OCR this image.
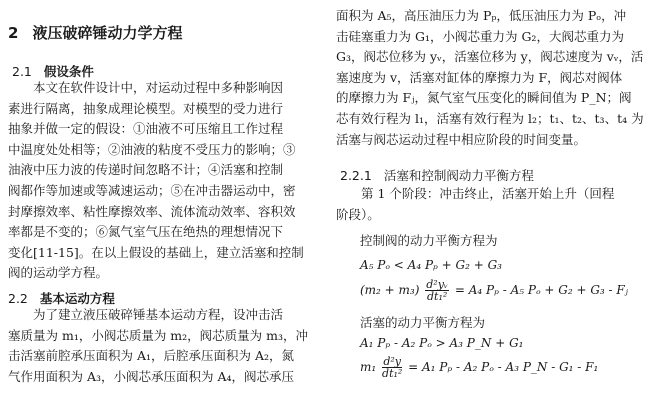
2 液压破碎锤动力学方程
2.1 假设条件
本文在软件设计中，对运动过程中多种影响因
素进行隔离，抽象成理论模型。对模型的受力进行
抽象并做一定的假设：①油液不可压缩且工作过程
中温度处处相等；②油液的粘度不受压力的影响；③
油液中压力波的传递时间忽略不计；④活塞和控制
阀都作等加速或等减速运动；⑤在冲击器运动中，密
封摩擦效率、粘性摩擦效率、流体流动效率、容积效
率都是不变的；⑥氮气室气压在绝热的理想情况下
变化[11-15]。在以上假设的基础上，建立活塞和控制
阀的运动学方程。
2.2 基本运动方程
为了建立液压破碎锤基本运动方程，设冲击活
塞质量为 m₁，小阀芯质量为 m₂，阀芯质量为 m₃，冲
击活塞前腔承压面积为 A₁，后腔承压面积为 A₂，氮
气作用面积为 A₃，小阀芯承压面积为 A₄，阀芯承压
面积为 A₅，高压油压力为 Pₚ，低压油压力为 Pₒ，冲
击硅塞重力为 G₁，小阀芯重力为 G₂，大阀芯重力为
G₃，阀芯位移为 yᵥ，活塞位移为 y，阀芯速度为 vᵥ，活
塞速度为 v，活塞对缸体的摩擦力为 F，阀芯对阀体
的摩擦力为 Fⱼ，氮气室气压变化的瞬间值为 P_N；阀
芯有效行程为 l₁，活塞有效行程为 l₂；t₁、t₂、t₃、t₄ 为
活塞与阀芯运动过程中相应阶段的时间变量。
2.2.1 活塞和控制阀动力平衡方程
第 1 个阶段：冲击终止，活塞开始上升（回程
阶段）。
控制阀的动力平衡方程为
A₅ Pₒ < A₄ Pₚ + G₂ + G₃
$(m_2 + m_3) \frac{\text{d²yᵥ}}{\text{dt₁²}} = A_4$ Pₚ - A₅ Pₒ + G₂ + G₃ - Fⱼ
活塞的动力平衡方程为
A₁ Pₚ - A₂ Pₒ > A₃ P_N + G₁
$m_1 \frac{\text{d²y}}{\text{dt₁²}} = A_1$ Pₚ - A₂ Pₒ - A₃ P_N - G₁ - F₁
